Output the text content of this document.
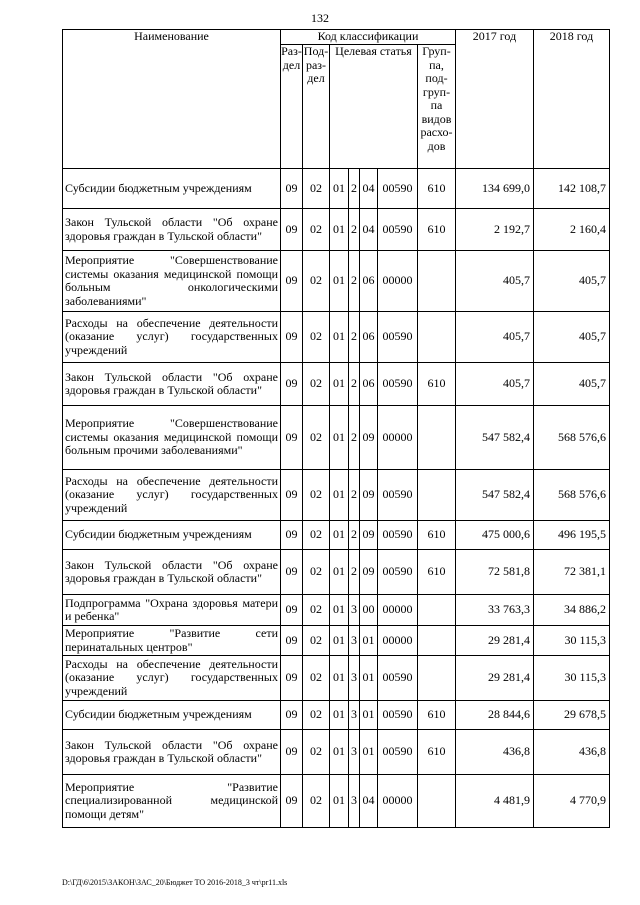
132
Наименование	Код классификации							2017 год	2018 год
	Раз-дел	Под-раз-дел	Целевая статья				Груп-па, под-груп-па видов расхо-дов		
Субсидии бюджетным учреждениям	09	02	01	2	04	00590	610	134 699,0	142 108,7
Закон Тульской области "Об охране здоровья граждан в Тульской области"	09	02	01	2	04	00590	610	2 192,7	2 160,4
Мероприятие "Совершенствование системы оказания медицинской помощи больным онкологическими заболеваниями"	09	02	01	2	06	00000		405,7	405,7
Расходы на обеспечение деятельности (оказание услуг) государственных учреждений	09	02	01	2	06	00590		405,7	405,7
Закон Тульской области "Об охране здоровья граждан в Тульской области"	09	02	01	2	06	00590	610	405,7	405,7
Мероприятие "Совершенствование системы оказания медицинской помощи больным прочими заболеваниями"	09	02	01	2	09	00000		547 582,4	568 576,6
Расходы на обеспечение деятельности (оказание услуг) государственных учреждений	09	02	01	2	09	00590		547 582,4	568 576,6
Субсидии бюджетным учреждениям	09	02	01	2	09	00590	610	475 000,6	496 195,5
Закон Тульской области "Об охране здоровья граждан в Тульской области"	09	02	01	2	09	00590	610	72 581,8	72 381,1
Подпрограмма "Охрана здоровья матери и ребенка"	09	02	01	3	00	00000		33 763,3	34 886,2
Мероприятие "Развитие сети перинатальных центров"	09	02	01	3	01	00000		29 281,4	30 115,3
Расходы на обеспечение деятельности (оказание услуг) государственных учреждений	09	02	01	3	01	00590		29 281,4	30 115,3
Субсидии бюджетным учреждениям	09	02	01	3	01	00590	610	28 844,6	29 678,5
Закон Тульской области "Об охране здоровья граждан в Тульской области"	09	02	01	3	01	00590	610	436,8	436,8
Мероприятие "Развитие специализированной медицинской помощи детям"	09	02	01	3	04	00000		4 481,9	4 770,9
D:\ГД\6\2015\ЗАКОН\ЗАС_20\Бюджет ТО 2016-2018_3 чт\pr11.xls
